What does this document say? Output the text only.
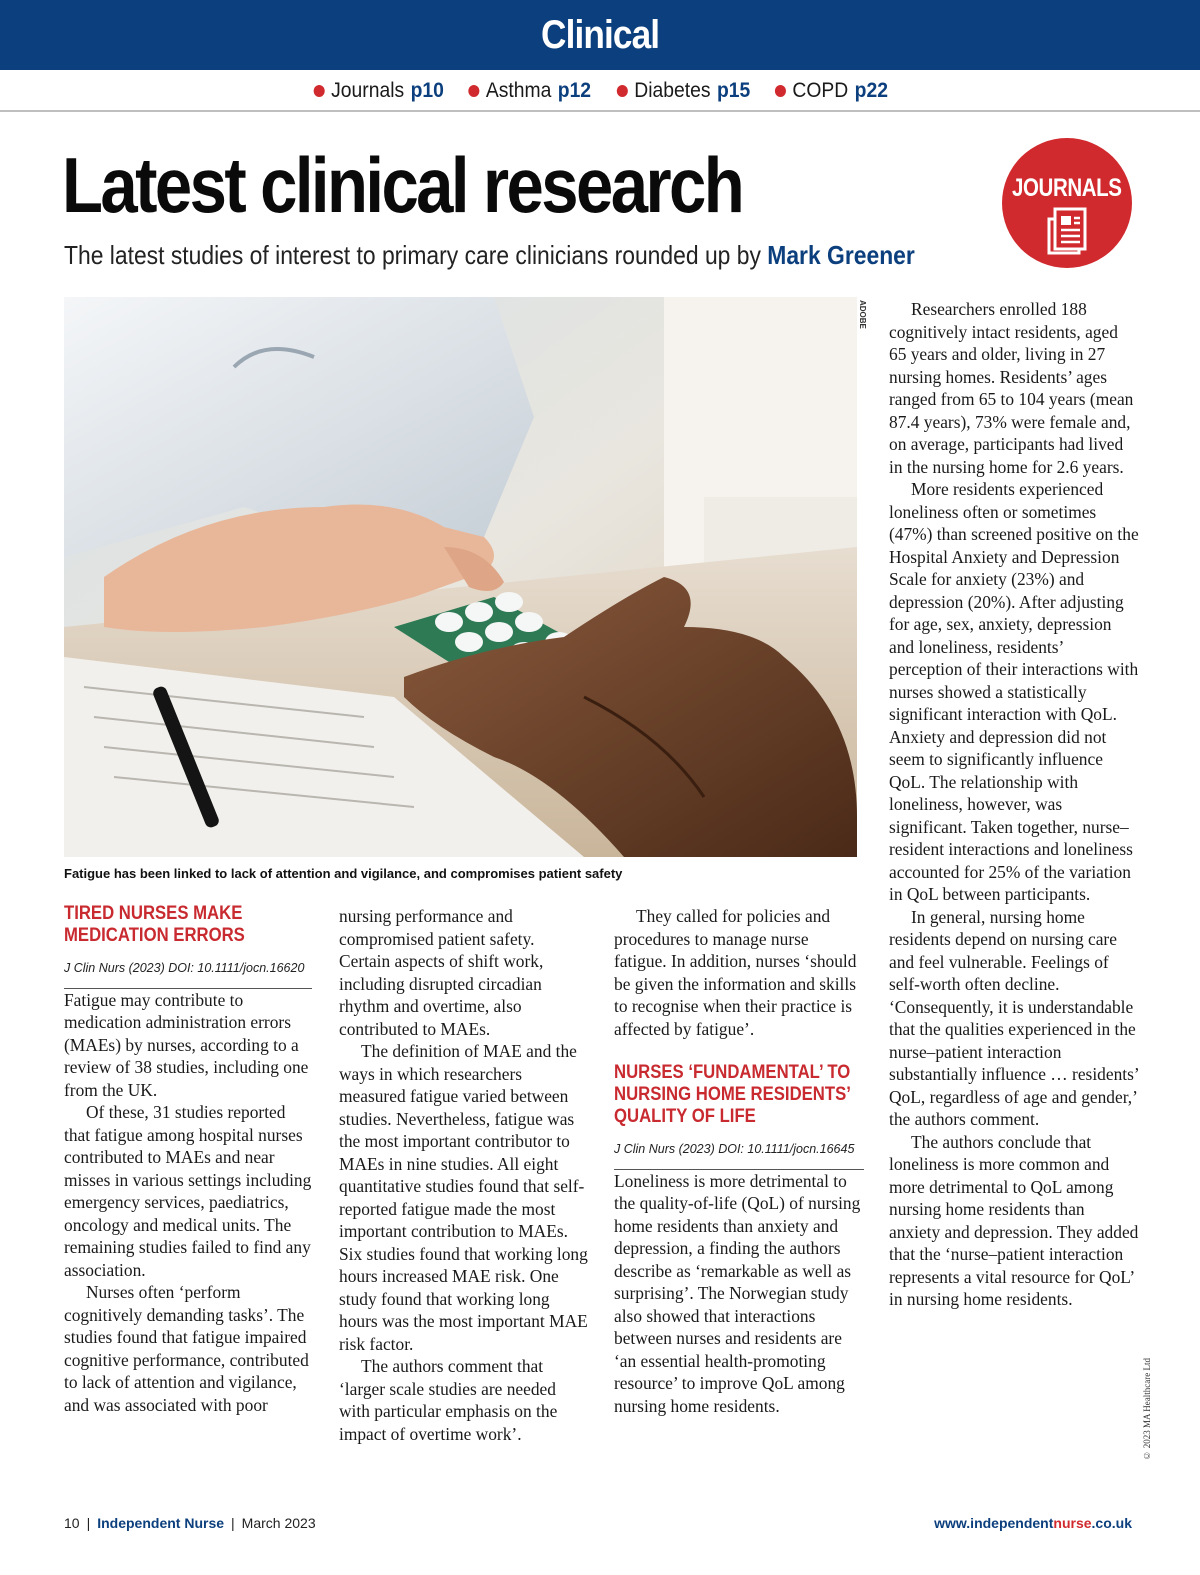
Clinical
Journals p10 Asthma p12 Diabetes p15 COPD p22
Latest clinical research
The latest studies of interest to primary care clinicians rounded up by Mark Greener
JOURNALS
ADOBE
Fatigue has been linked to lack of attention and vigilance, and compromises patient safety
TIRED NURSES MAKE MEDICATION ERRORS
J Clin Nurs (2023) DOI: 10.1111/jocn.16620

Fatigue may contribute to medication administration errors (MAEs) by nurses, according to a review of 38 studies, including one from the UK.

Of these, 31 studies reported that fatigue among hospital nurses contributed to MAEs and near misses in various settings including emergency services, paediatrics, oncology and medical units. The remaining studies failed to find any association.

Nurses often ‘perform cognitively demanding tasks’. The studies found that fatigue impaired cognitive performance, contributed to lack of attention and vigilance, and was associated with poor

nursing performance and compromised patient safety. Certain aspects of shift work, including disrupted circadian rhythm and overtime, also contributed to MAEs.

The definition of MAE and the ways in which researchers measured fatigue varied between studies. Nevertheless, fatigue was the most important contributor to MAEs in nine studies. All eight quantitative studies found that self-reported fatigue made the most important contribution to MAEs. Six studies found that working long hours increased MAE risk. One study found that working long hours was the most important MAE risk factor.

The authors comment that ‘larger scale studies are needed with particular emphasis on the impact of overtime work’.

They called for policies and procedures to manage nurse fatigue. In addition, nurses ‘should be given the information and skills to recognise when their practice is affected by fatigue’.

NURSES ‘FUNDAMENTAL’ TO NURSING HOME RESIDENTS’ QUALITY OF LIFE
J Clin Nurs (2023) DOI: 10.1111/jocn.16645

Loneliness is more detrimental to the quality-of-life (QoL) of nursing home residents than anxiety and depression, a finding the authors describe as ‘remarkable as well as surprising’. The Norwegian study also showed that interactions between nurses and residents are ‘an essential health-promoting resource’ to improve QoL among nursing home residents.

Researchers enrolled 188 cognitively intact residents, aged 65 years and older, living in 27 nursing homes. Residents’ ages ranged from 65 to 104 years (mean 87.4 years), 73% were female and, on average, participants had lived in the nursing home for 2.6 years.

More residents experienced loneliness often or sometimes (47%) than screened positive on the Hospital Anxiety and Depression Scale for anxiety (23%) and depression (20%). After adjusting for age, sex, anxiety, depression and loneliness, residents’ perception of their interactions with nurses showed a statistically significant interaction with QoL. Anxiety and depression did not seem to significantly influence QoL. The relationship with loneliness, however, was significant. Taken together, nurse–resident interactions and loneliness accounted for 25% of the variation in QoL between participants.

In general, nursing home residents depend on nursing care and feel vulnerable. Feelings of self-worth often decline. ‘Consequently, it is understandable that the qualities experienced in the nurse–patient interaction substantially influence … residents’ QoL, regardless of age and gender,’ the authors comment.

The authors conclude that loneliness is more common and more detrimental to QoL among nursing home residents than anxiety and depression. They added that the ‘nurse–patient interaction represents a vital resource for QoL’ in nursing home residents.

© 2023 MA Healthcare Ltd
10 | Independent Nurse | March 2023	www.independentnurse.co.uk
